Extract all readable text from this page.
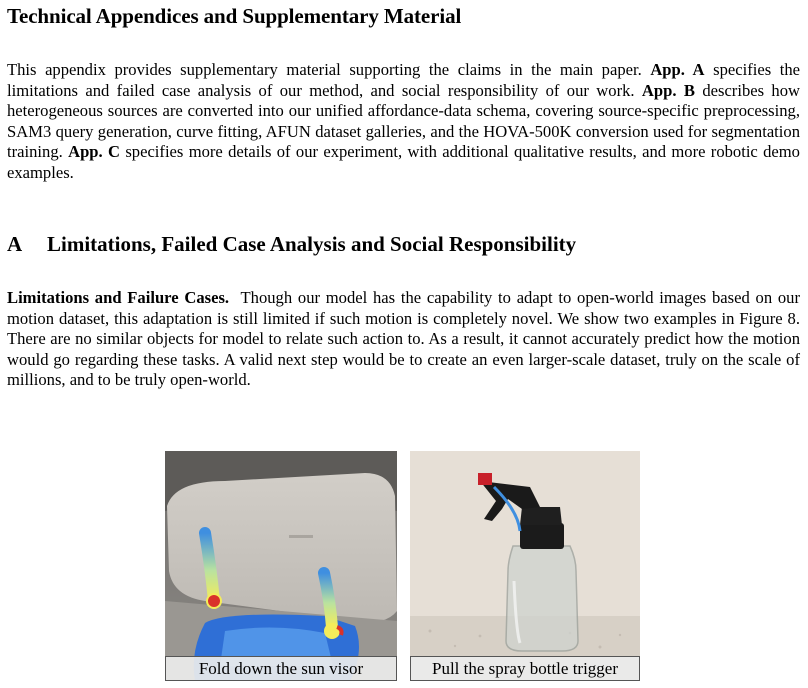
Technical Appendices and Supplementary Material

This appendix provides supplementary material supporting the claims in the main paper. App. A specifies the limitations and failed case analysis of our method, and social responsibility of our work. App. B describes how heterogeneous sources are converted into our unified affordance-data schema, covering source-specific preprocessing, SAM3 query generation, curve fitting, AFUN dataset galleries, and the HOVA-500K conversion used for segmentation training. App. C specifies more details of our experiment, with additional qualitative results, and more robotic demo examples.

A Limitations, Failed Case Analysis and Social Responsibility

Limitations and Failure Cases. Though our model has the capability to adapt to open-world images based on our motion dataset, this adaptation is still limited if such motion is completely novel. We show two examples in Figure 8. There are no similar objects for model to relate such action to. As a result, it cannot accurately predict how the motion would go regarding these tasks. A valid next step would be to create an even larger-scale dataset, truly on the scale of millions, and to be truly open-world.

Fold down the sun visor	Pull the spray bottle trigger
